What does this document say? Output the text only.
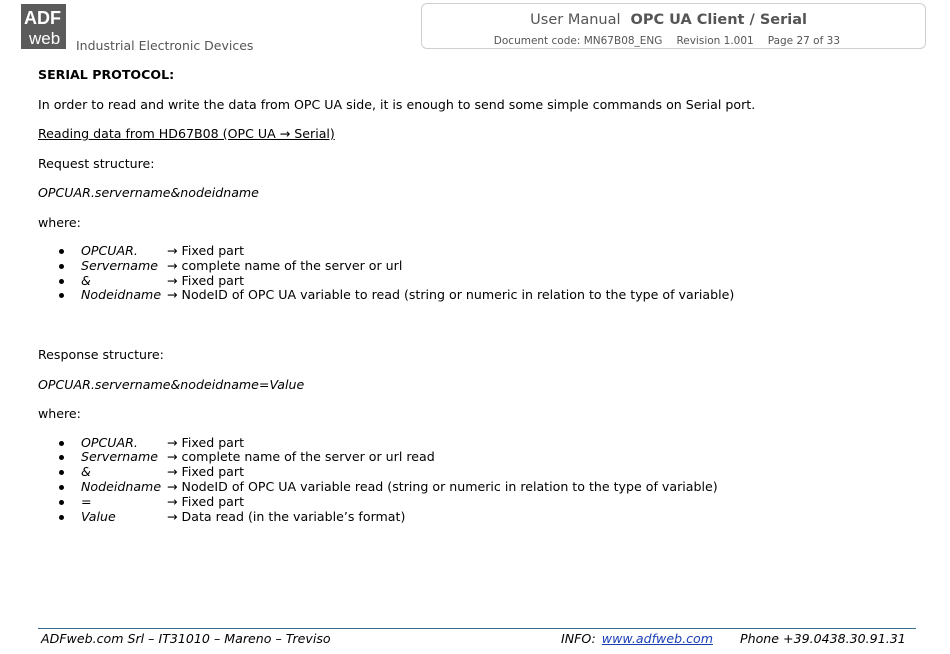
ADF
web Industrial Electronic Devices
User Manual OPC UA Client / Serial
Document code: MN67B08_ENG Revision 1.001 Page 27 of 33
SERIAL PROTOCOL:
In order to read and write the data from OPC UA side, it is enough to send some simple commands on Serial port.
Reading data from HD67B08 (OPC UA → Serial)
Request structure:
OPCUAR.servername&nodeidname
where:
OPCUAR. → Fixed part
Servername → complete name of the server or url
&	→ Fixed part
Nodeidname → NodeID of OPC UA variable to read (string or numeric in relation to the type of variable)
Response structure:
OPCUAR.servername&nodeidname=Value
where:
OPCUAR. → Fixed part
Servername → complete name of the server or url read
&	→ Fixed part
Nodeidname → NodeID of OPC UA variable read (string or numeric in relation to the type of variable)
=	→ Fixed part
Value	→ Data read (in the variable’s format)
ADFweb.com Srl – IT31010 – Mareno – Treviso	INFO: www.adfweb.com Phone +39.0438.30.91.31
